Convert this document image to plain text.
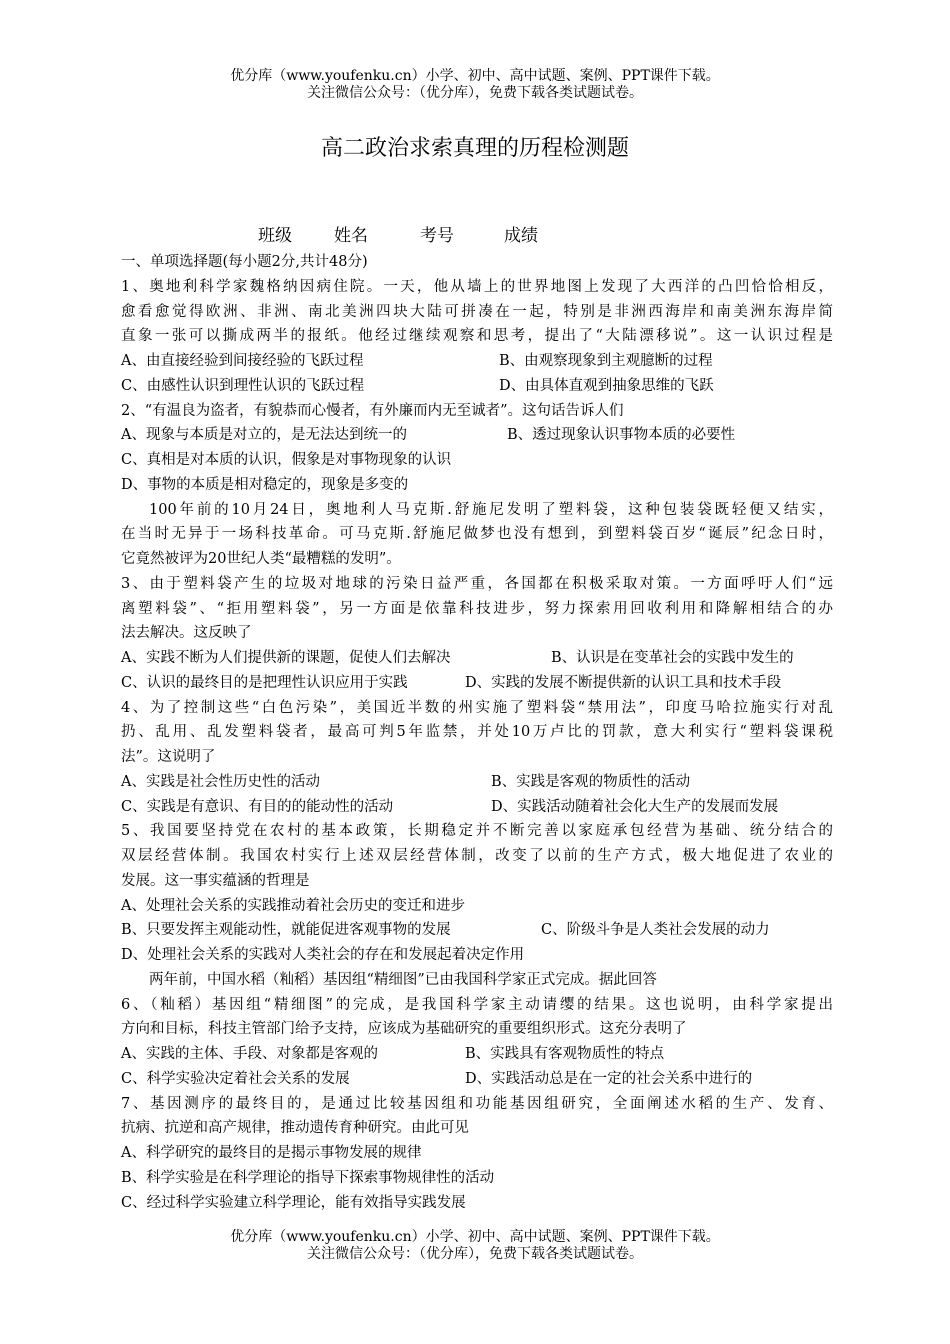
优分库（www.youfenku.cn）小学、初中、高中试题、案例、PPT课件下载。
关注微信公众号：（优分库），免费下载各类试题试卷。
高二政治求索真理的历程检测题
班级 姓名	考号	成绩
一、单项选择题(每小题2分,共计48分)
1、奥地利科学家魏格纳因病住院。一天，他从墙上的世界地图上发现了大西洋的凸凹恰恰相反，
愈看愈觉得欧洲、非洲、南北美洲四块大陆可拼凑在一起，特别是非洲西海岸和南美洲东海岸简
直象一张可以撕成两半的报纸。他经过继续观察和思考，提出了“大陆漂移说”。这一认识过程是
A、由直接经验到间接经验的飞跃过程	B、由观察现象到主观臆断的过程
C、由感性认识到理性认识的飞跃过程	D、由具体直观到抽象思维的飞跃
2、“有温良为盗者，有貌恭而心慢者，有外廉而内无至诚者”。这句话告诉人们
A、现象与本质是对立的，是无法达到统一的	B、透过现象认识事物本质的必要性
C、真相是对本质的认识，假象是对事物现象的认识
D、事物的本质是相对稳定的，现象是多变的
100年前的10月24日，奥地利人马克斯.舒施尼发明了塑料袋，这种包装袋既轻便又结实，
在当时无异于一场科技革命。可马克斯.舒施尼做梦也没有想到，到塑料袋百岁“诞辰”纪念日时，
它竟然被评为20世纪人类“最糟糕的发明”。
3、由于塑料袋产生的垃圾对地球的污染日益严重，各国都在积极采取对策。一方面呼吁人们“远
离塑料袋”、“拒用塑料袋”，另一方面是依靠科技进步，努力探索用回收利用和降解相结合的办
法去解决。这反映了
A、实践不断为人们提供新的课题，促使人们去解决	B、认识是在变革社会的实践中发生的
C、认识的最终目的是把理性认识应用于实践	D、实践的发展不断提供新的认识工具和技术手段
4、为了控制这些“白色污染”，美国近半数的州实施了塑料袋“禁用法”，印度马哈拉施实行对乱
扔、乱用、乱发塑料袋者，最高可判5年监禁，并处10万卢比的罚款，意大利实行“塑料袋课税
法”。这说明了
A、实践是社会性历史性的活动	B、实践是客观的物质性的活动
C、实践是有意识、有目的的能动性的活动	D、实践活动随着社会化大生产的发展而发展
5、我国要坚持党在农村的基本政策，长期稳定并不断完善以家庭承包经营为基础、统分结合的
双层经营体制。我国农村实行上述双层经营体制，改变了以前的生产方式，极大地促进了农业的
发展。这一事实蕴涵的哲理是
A、处理社会关系的实践推动着社会历史的变迁和进步
B、只要发挥主观能动性，就能促进客观事物的发展	C、阶级斗争是人类社会发展的动力
D、处理社会关系的实践对人类社会的存在和发展起着决定作用
两年前，中国水稻（籼稻）基因组“精细图”已由我国科学家正式完成。据此回答
6、（籼稻）基因组“精细图”的完成，是我国科学家主动请缨的结果。这也说明，由科学家提出
方向和目标，科技主管部门给予支持，应该成为基础研究的重要组织形式。这充分表明了
A、实践的主体、手段、对象都是客观的	B、实践具有客观物质性的特点
C、科学实验决定着社会关系的发展	D、实践活动总是在一定的社会关系中进行的
7、基因测序的最终目的，是通过比较基因组和功能基因组研究，全面阐述水稻的生产、发育、
抗病、抗逆和高产规律，推动遗传育种研究。由此可见
A、科学研究的最终目的是揭示事物发展的规律
B、科学实验是在科学理论的指导下探索事物规律性的活动
C、经过科学实验建立科学理论，能有效指导实践发展
优分库（www.youfenku.cn）小学、初中、高中试题、案例、PPT课件下载。
关注微信公众号：（优分库），免费下载各类试题试卷。
